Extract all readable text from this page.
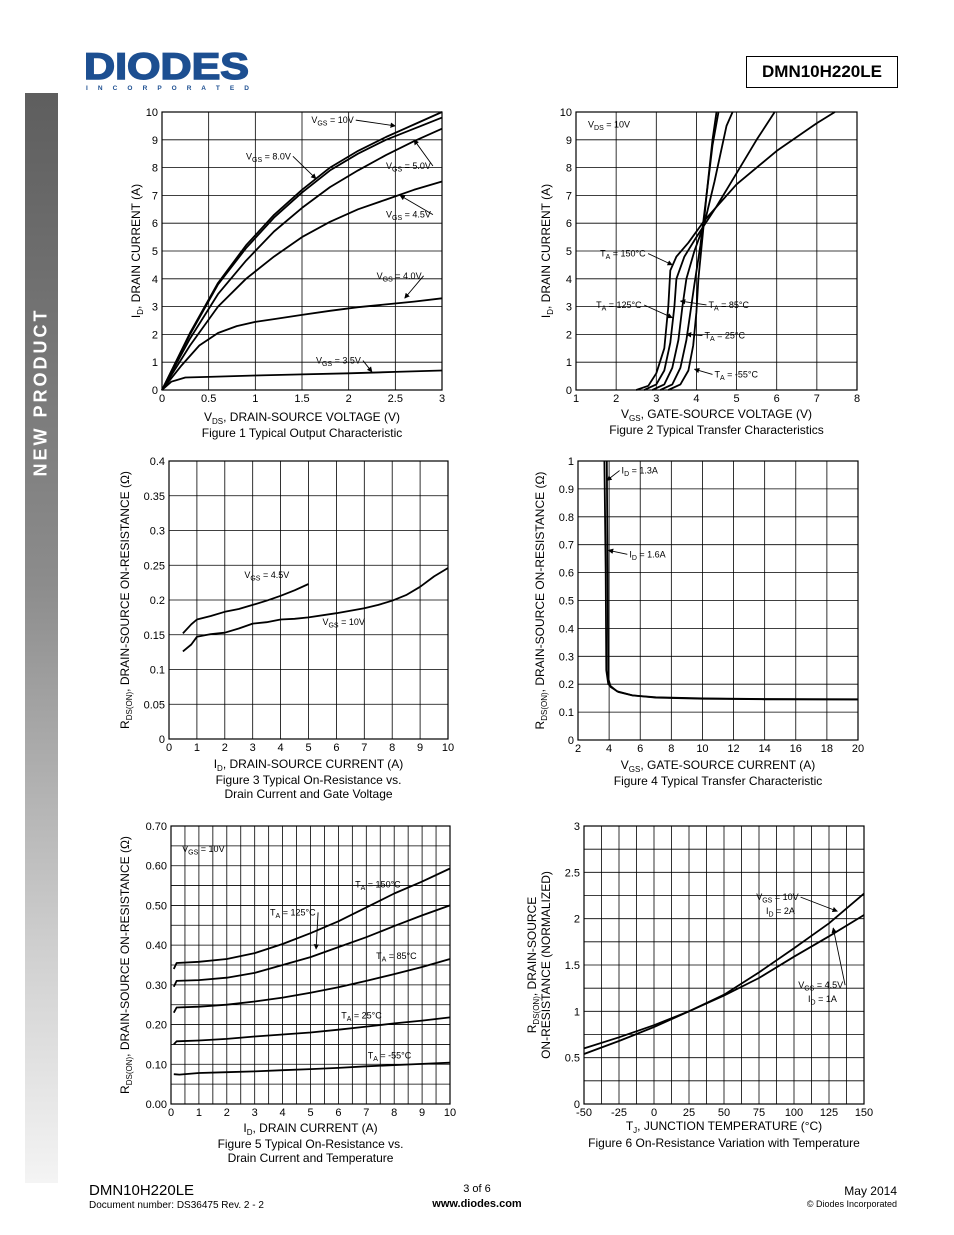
NEW PRODUCT
DIODES
I N C O R P O R A T E D
DMN10H220LE
0	0.5	1	1.5	2	2.5	3
0
1
2
3
4
5
6
7
8
9
10
$V_{GS} = 10V$
$V_{GS} = 8.0V$
$V_{GS} = 5.0V$
$V_{GS} = 4.5V$
$V_{GS} = 4.0V$
$V_{GS} = 3.5V$
$V_{DS}$, DRAIN-SOURCE VOLTAGE (V)
$I_D$, DRAIN CURRENT (A)
Figure 1 Typical Output Characteristic
1	2	3	4	5	6	7	8
0
1
2
3
4
5
6
7
8
9
10
$V_{DS} = 10V$
$T_A = 150^\circ C$
$T_A = 125^\circ C$	$T_A = 85^\circ C$
$T_A = 25^\circ C$
$T_A = -55^\circ C$
$V_{GS}$, GATE-SOURCE VOLTAGE (V)
$I_D$, DRAIN CURRENT (A)
Figure 2 Typical Transfer Characteristics
0 1 2 3 4 5 6 7 8 9 10
0
0.05
0.1
0.15
0.2
0.25
0.3
0.35
0.4
$V_{GS} = 4.5V$
$V_{GS} = 10V$
$I_D$, DRAIN-SOURCE CURRENT (A)
$R_{DS(ON)}$, DRAIN-SOURCE ON-RESISTANCE (Ω)
Figure 3 Typical On-Resistance vs.
Drain Current and Gate Voltage
2 4 6 8 10 12 14 16 18 20
0
0.1
0.2
0.3
0.4
0.5
0.6
0.7
0.8
0.9
1
$I_D = 1.3A$
$I_D = 1.6A$
$V_{GS}$, GATE-SOURCE CURRENT (A)
$R_{DS(ON)}$, DRAIN-SOURCE ON-RESISTANCE (Ω)
Figure 4 Typical Transfer Characteristic
0 1 2 3 4 5 6 7 8 9 10
0.00
0.10
0.20
0.30
0.40
0.50
0.60
0.70
$V_{GS} = 10V$
$T_A = 150^\circ C$
$T_A = 125^\circ C$
$T_A = 85^\circ C$
$T_A = 25^\circ C$
$T_A = -55^\circ C$
$I_D$, DRAIN CURRENT (A)
$R_{DS(ON)}$, DRAIN-SOURCE ON-RESISTANCE (Ω)
Figure 5 Typical On-Resistance vs.
Drain Current and Temperature
-50 -25 0 25 50 75 100 125 150
0
0.5
1
1.5
2
2.5
3
$V_{GS} = 10V$
$I_D = 2A$
$V_{GS} = 4.5V$
$I_D = 1A$
$T_J$, JUNCTION TEMPERATURE (°C)
$R_{DS(ON)}$, DRAIN-SOURCE ON-RESISTANCE (NORMALIZED)
Figure 6 On-Resistance Variation with Temperature
DMN10H220LE
Document number: DS36475 Rev. 2 - 2
3 of 6
www.diodes.com
May 2014
© Diodes Incorporated
